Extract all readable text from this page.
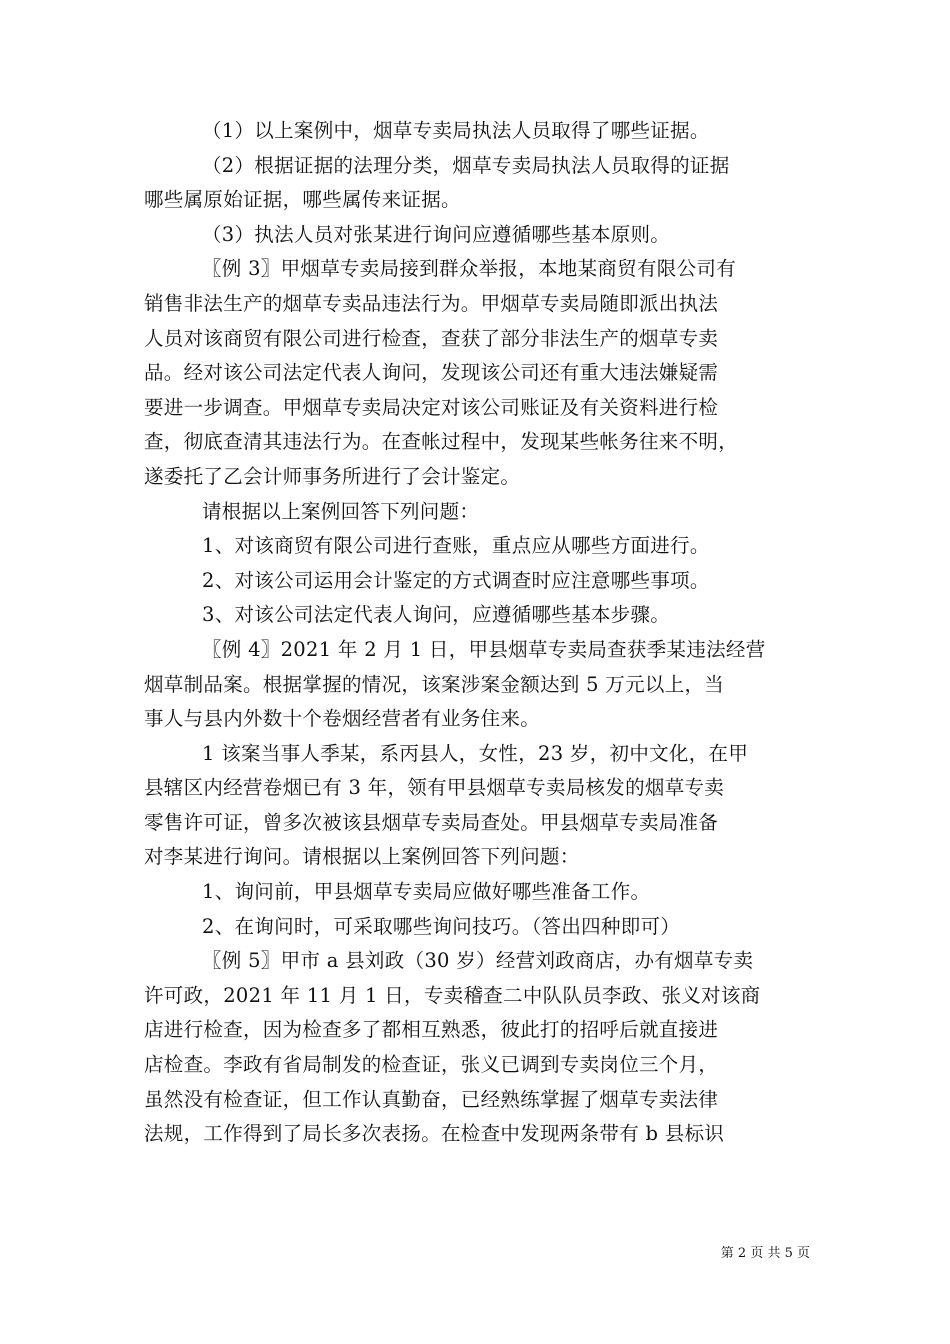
（1）以上案例中，烟草专卖局执法人员取得了哪些证据。
（2）根据证据的法理分类，烟草专卖局执法人员取得的证据
哪些属原始证据，哪些属传来证据。
（3）执法人员对张某进行询问应遵循哪些基本原则。
〖例 3〗甲烟草专卖局接到群众举报，本地某商贸有限公司有
销售非法生产的烟草专卖品违法行为。甲烟草专卖局随即派出执法
人员对该商贸有限公司进行检查，查获了部分非法生产的烟草专卖
品。经对该公司法定代表人询问，发现该公司还有重大违法嫌疑需
要进一步调查。甲烟草专卖局决定对该公司账证及有关资料进行检
查，彻底查清其违法行为。在查帐过程中，发现某些帐务往来不明，
遂委托了乙会计师事务所进行了会计鉴定。
请根据以上案例回答下列问题：
1、对该商贸有限公司进行查账，重点应从哪些方面进行。
2、对该公司运用会计鉴定的方式调查时应注意哪些事项。
3、对该公司法定代表人询问，应遵循哪些基本步骤。
〖例 4〗2021 年 2 月 1 日，甲县烟草专卖局查获季某违法经营
烟草制品案。根据掌握的情况，该案涉案金额达到 5 万元以上，当
事人与县内外数十个卷烟经营者有业务住来。
1 该案当事人季某，系丙县人，女性，23 岁，初中文化，在甲
县辖区内经营卷烟已有 3 年，领有甲县烟草专卖局核发的烟草专卖
零售许可证，曾多次被该县烟草专卖局查处。甲县烟草专卖局准备
对李某进行询问。请根据以上案例回答下列问题：
1、询问前，甲县烟草专卖局应做好哪些准备工作。
2、在询问时，可采取哪些询问技巧。（答出四种即可）
〖例 5〗甲市 a 县刘政（30 岁）经营刘政商店，办有烟草专卖
许可政，2021 年 11 月 1 日，专卖稽查二中队队员李政、张义对该商
店进行检查，因为检查多了都相互熟悉，彼此打的招呼后就直接进
店检查。李政有省局制发的检查证，张义已调到专卖岗位三个月，
虽然没有检查证，但工作认真勤奋，已经熟练掌握了烟草专卖法律
法规，工作得到了局长多次表扬。在检查中发现两条带有 b 县标识
第 2 页 共 5 页
